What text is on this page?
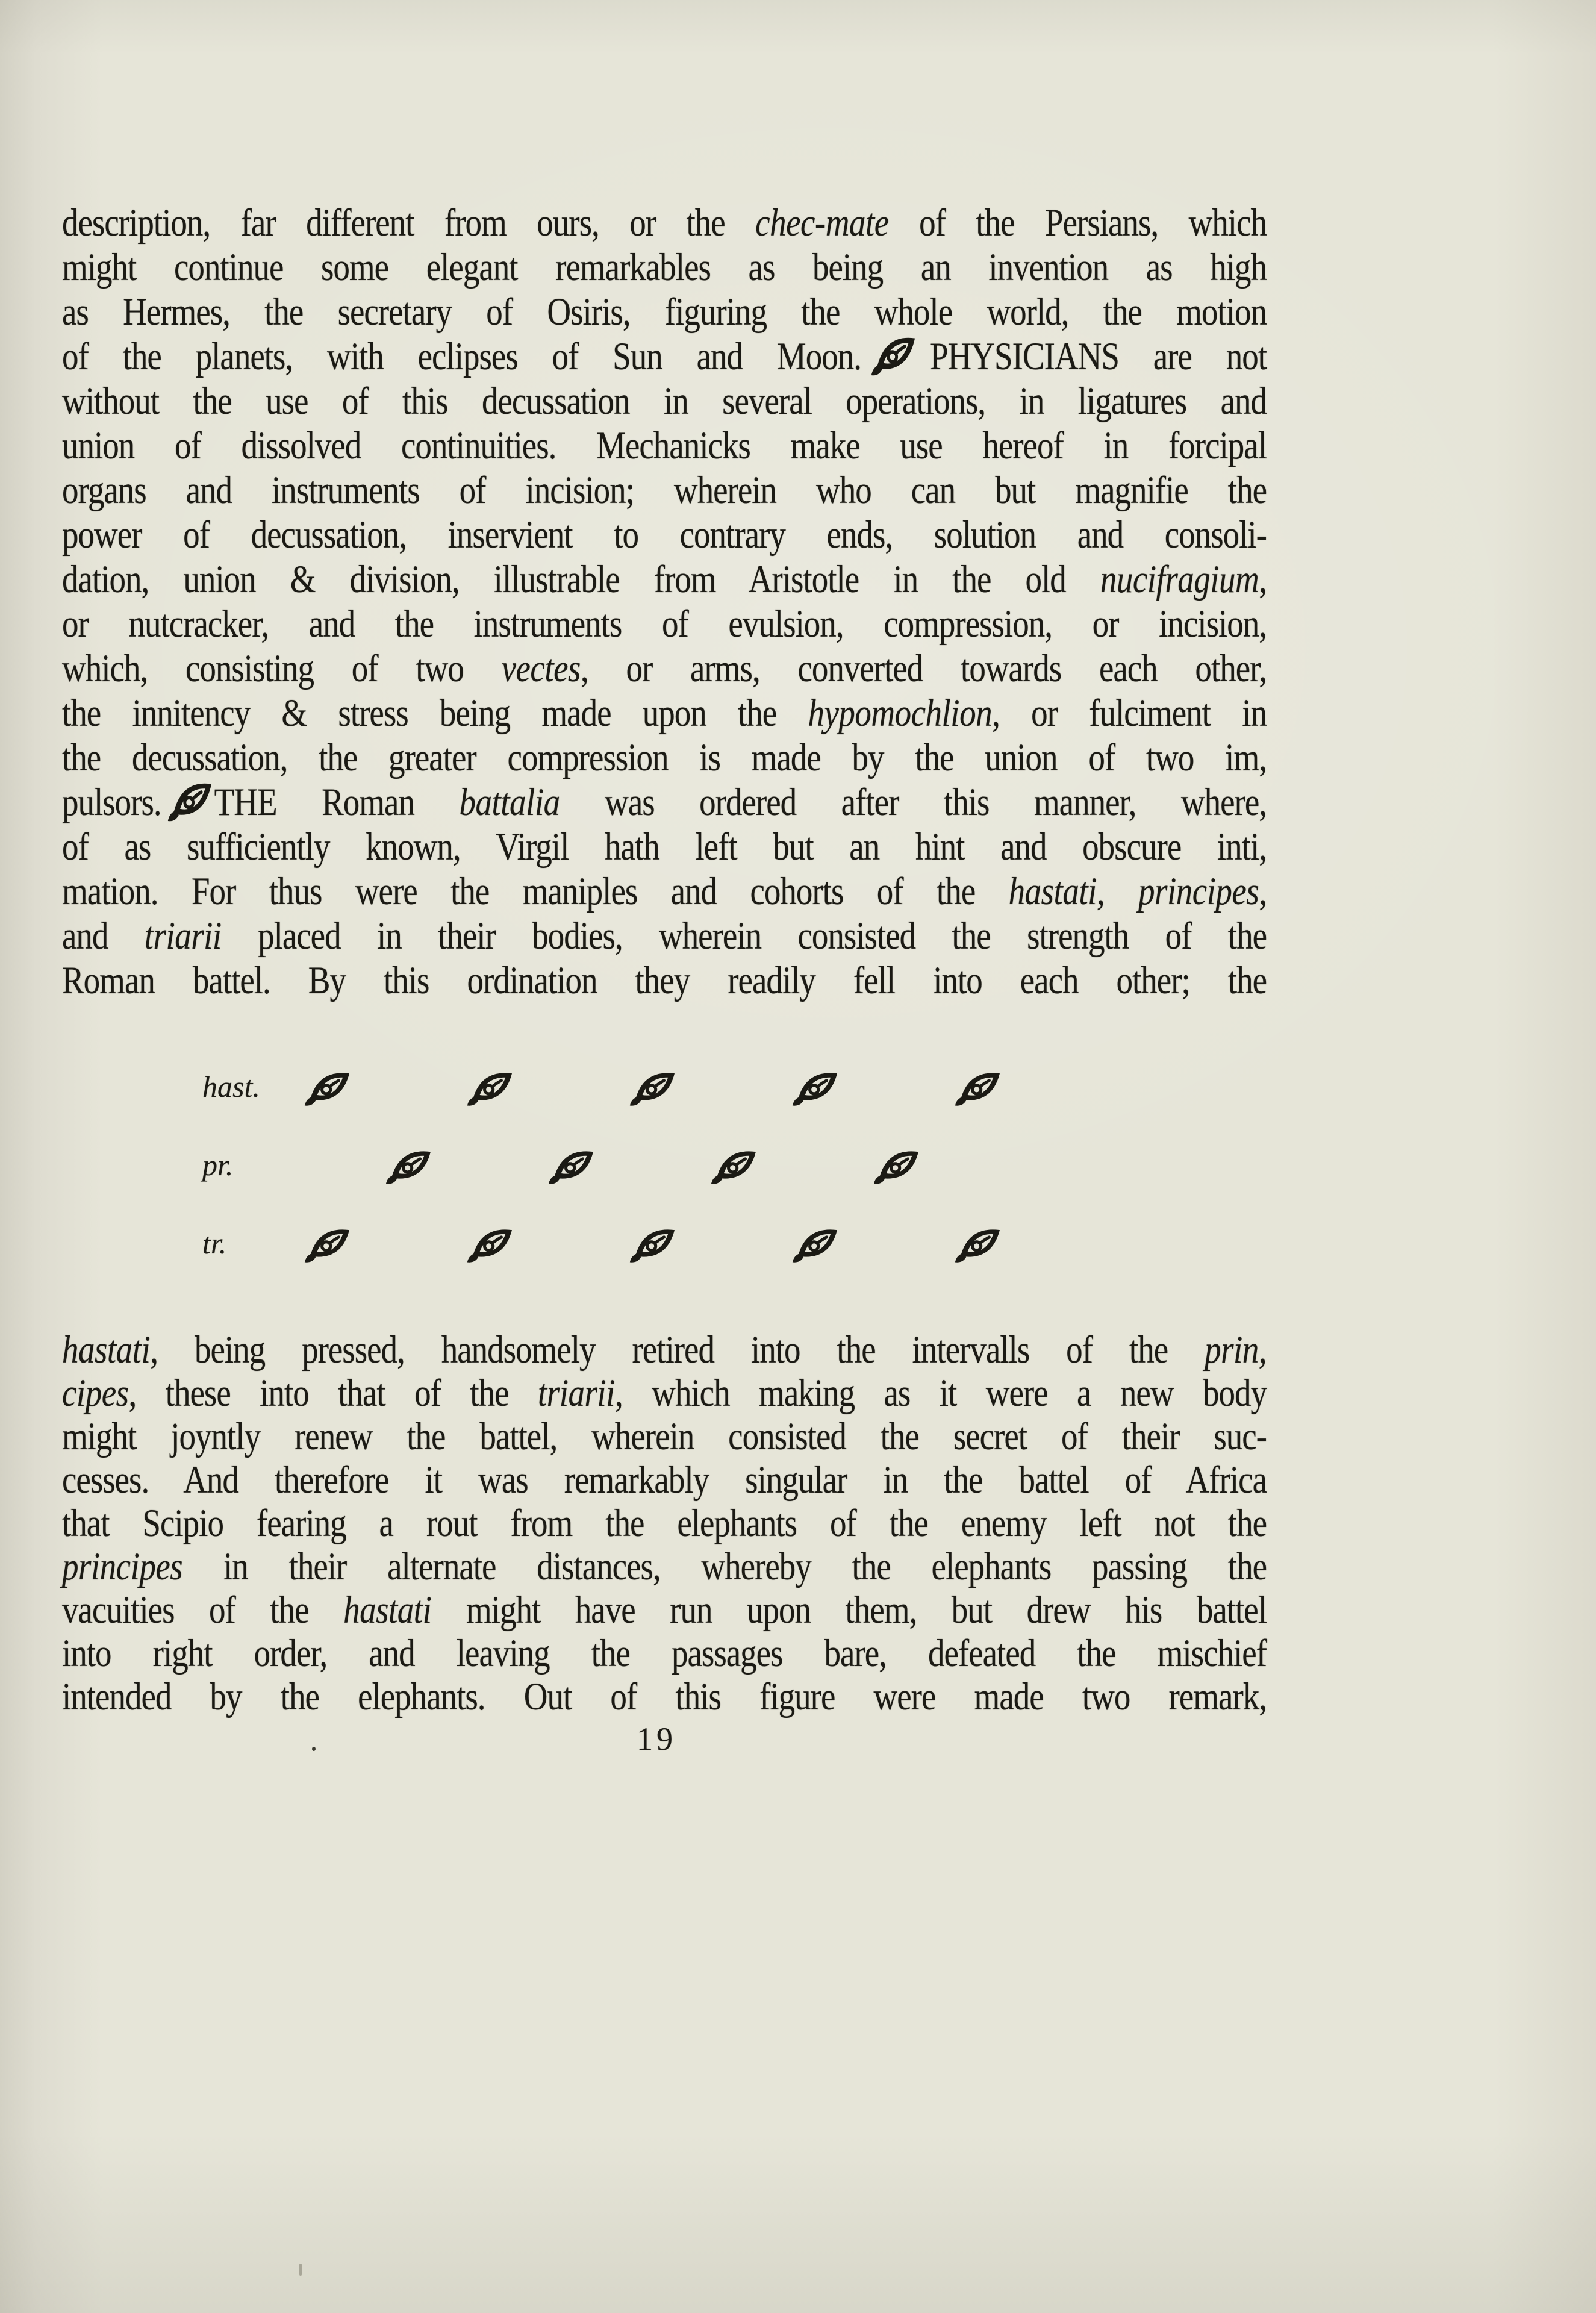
description, far different from ours, or the chec-mate of the Persians, which
might continue some elegant remarkables as being an invention as high
as Hermes, the secretary of Osiris, figuring the whole world, the motion
of the planets, with eclipses of Sun and Moon. PHYSICIANS are not
without the use of this decussation in several operations, in ligatures and
union of dissolved continuities. Mechanicks make use hereof in forcipal
organs and instruments of incision; wherein who can but magnifie the
power of decussation, inservient to contrary ends, solution and consoli-
dation, union & division, illustrable from Aristotle in the old nucifragium,
or nutcracker, and the instruments of evulsion, compression, or incision,
which, consisting of two vectes, or arms, converted towards each other,
the innitency & stress being made upon the hypomochlion, or fulciment in
the decussation, the greater compression is made by the union of two im,
pulsors. THE Roman battalia was ordered after this manner, where,
of as sufficiently known, Virgil hath left but an hint and obscure inti,
mation. For thus were the maniples and cohorts of the hastati, principes,
and triarii placed in their bodies, wherein consisted the strength of the
Roman battel. By this ordination they readily fell into each other; the
hast.
pr.
tr.
hastati, being pressed, handsomely retired into the intervalls of the prin,
cipes, these into that of the triarii, which making as it were a new body
might joyntly renew the battel, wherein consisted the secret of their suc-
cesses. And therefore it was remarkably singular in the battel of Africa
that Scipio fearing a rout from the elephants of the enemy left not the
principes in their alternate distances, whereby the elephants passing the
vacuities of the hastati might have run upon them, but drew his battel
into right order, and leaving the passages bare, defeated the mischief
intended by the elephants. Out of this figure were made two remark,
19
